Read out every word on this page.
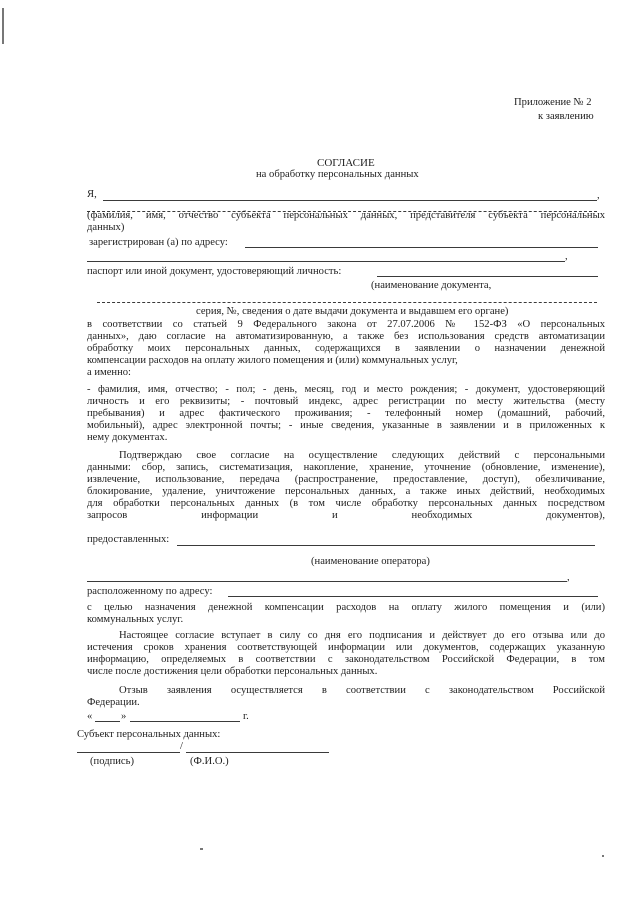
Приложение № 2
к заявлению
СОГЛАСИЕ
на обработку персональных данных
Я,	,
(фамилия, имя, отчество субъекта персональных данных, представителя субъекта персональных
данных)
зарегистрирован (а) по адресу:
,
паспорт или иной документ, удостоверяющий личность:
(наименование документа,
серия, №, сведения о дате выдачи документа и выдавшем его органе)
в соответствии со статьей 9 Федерального закона от 27.07.2006 № 152-ФЗ «О персональных
данных», даю согласие на автоматизированную, а также без использования средств автоматизации
обработку моих персональных данных, содержащихся в заявлении о назначении денежной
компенсации расходов на оплату жилого помещения и (или) коммунальных услуг,
а именно:
- фамилия, имя, отчество; - пол; - день, месяц, год и место рождения; - документ, удостоверяющий
личность и его реквизиты; - почтовый индекс, адрес регистрации по месту жительства (месту
пребывания) и адрес фактического проживания; - телефонный номер (домашний, рабочий,
мобильный), адрес электронной почты; - иные сведения, указанные в заявлении и в приложенных к
нему документах.
Подтверждаю свое согласие на осуществление следующих действий с персональными
данными: сбор, запись, систематизация, накопление, хранение, уточнение (обновление, изменение),
извлечение, использование, передача (распространение, предоставление, доступ), обезличивание,
блокирование, удаление, уничтожение персональных данных, а также иных действий, необходимых
для обработки персональных данных (в том числе обработку персональных данных посредством
запросов информации и необходимых документов),
предоставленных:
(наименование оператора)
,
расположенному по адресу:
с целью назначения денежной компенсации расходов на оплату жилого помещения и (или)
коммунальных услуг.
Настоящее согласие вступает в силу со дня его подписания и действует до его отзыва или до
истечения сроков хранения соответствующей информации или документов, содержащих указанную
информацию, определяемых в соответствии с законодательством Российской Федерации, в том
числе после достижения цели обработки персональных данных.
Отзыв заявления осуществляется в соответствии с законодательством Российской
Федерации.
«	»	г.
Субъект персональных данных:
/
(подпись)	(Ф.И.О.)
